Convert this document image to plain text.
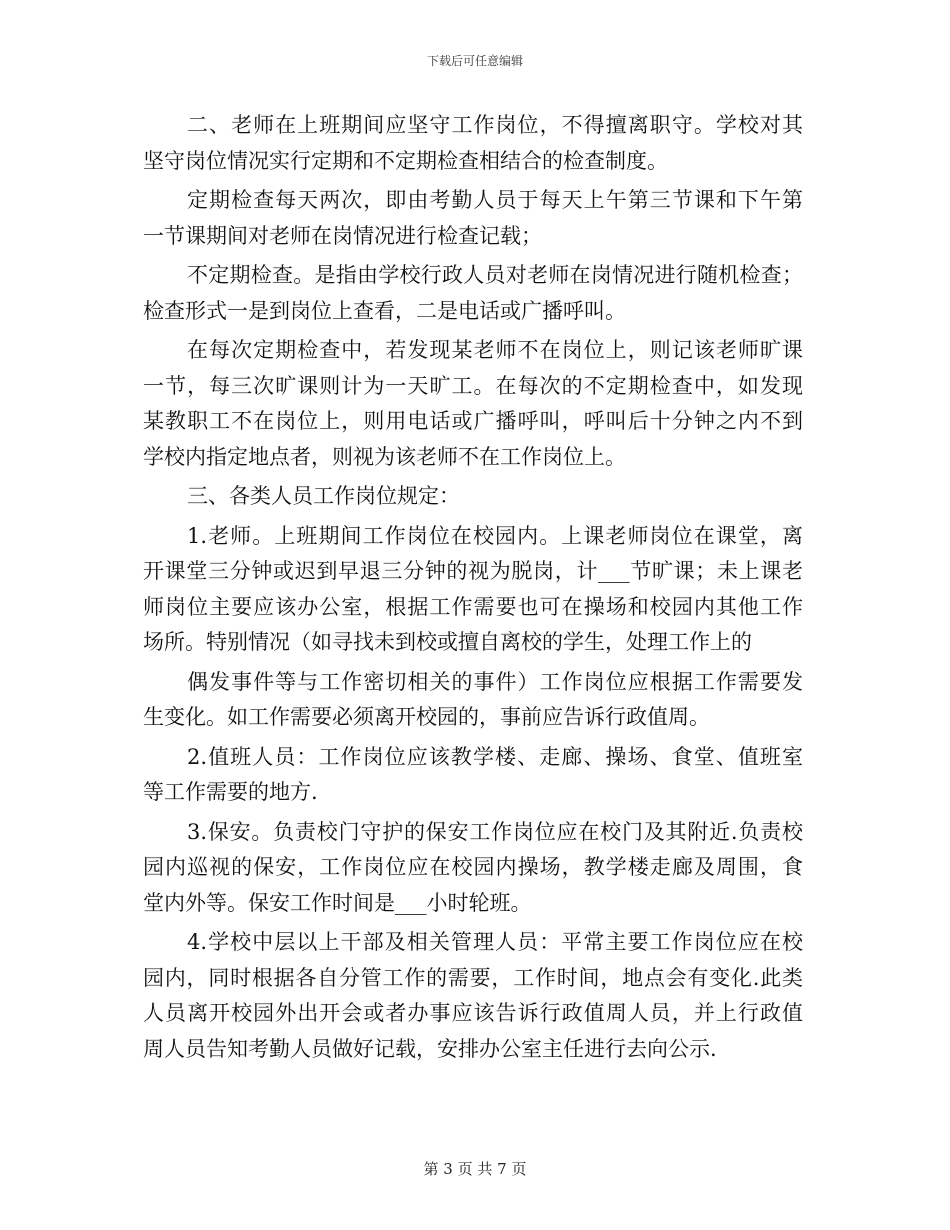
下载后可任意编辑
二、老师在上班期间应坚守工作岗位，不得擅离职守。学校对其
坚守岗位情况实行定期和不定期检查相结合的检查制度。
定期检查每天两次，即由考勤人员于每天上午第三节课和下午第
一节课期间对老师在岗情况进行检查记载；
不定期检查。是指由学校行政人员对老师在岗情况进行随机检查；
检查形式一是到岗位上查看，二是电话或广播呼叫。
在每次定期检查中，若发现某老师不在岗位上，则记该老师旷课
一节，每三次旷课则计为一天旷工。在每次的不定期检查中，如发现
某教职工不在岗位上，则用电话或广播呼叫，呼叫后十分钟之内不到
学校内指定地点者，则视为该老师不在工作岗位上。
三、各类人员工作岗位规定：
1.老师。上班期间工作岗位在校园内。上课老师岗位在课堂，离
开课堂三分钟或迟到早退三分钟的视为脱岗，计___节旷课；未上课老
师岗位主要应该办公室，根据工作需要也可在操场和校园内其他工作
场所。特别情况（如寻找未到校或擅自离校的学生，处理工作上的
偶发事件等与工作密切相关的事件）工作岗位应根据工作需要发
生变化。如工作需要必须离开校园的，事前应告诉行政值周。
2.值班人员：工作岗位应该教学楼、走廊、操场、食堂、值班室
等工作需要的地方.
3.保安。负责校门守护的保安工作岗位应在校门及其附近.负责校
园内巡视的保安，工作岗位应在校园内操场，教学楼走廊及周围，食
堂内外等。保安工作时间是___小时轮班。
4.学校中层以上干部及相关管理人员：平常主要工作岗位应在校
园内，同时根据各自分管工作的需要，工作时间，地点会有变化.此类
人员离开校园外出开会或者办事应该告诉行政值周人员，并上行政值
周人员告知考勤人员做好记载，安排办公室主任进行去向公示.
第 3 页 共 7 页
